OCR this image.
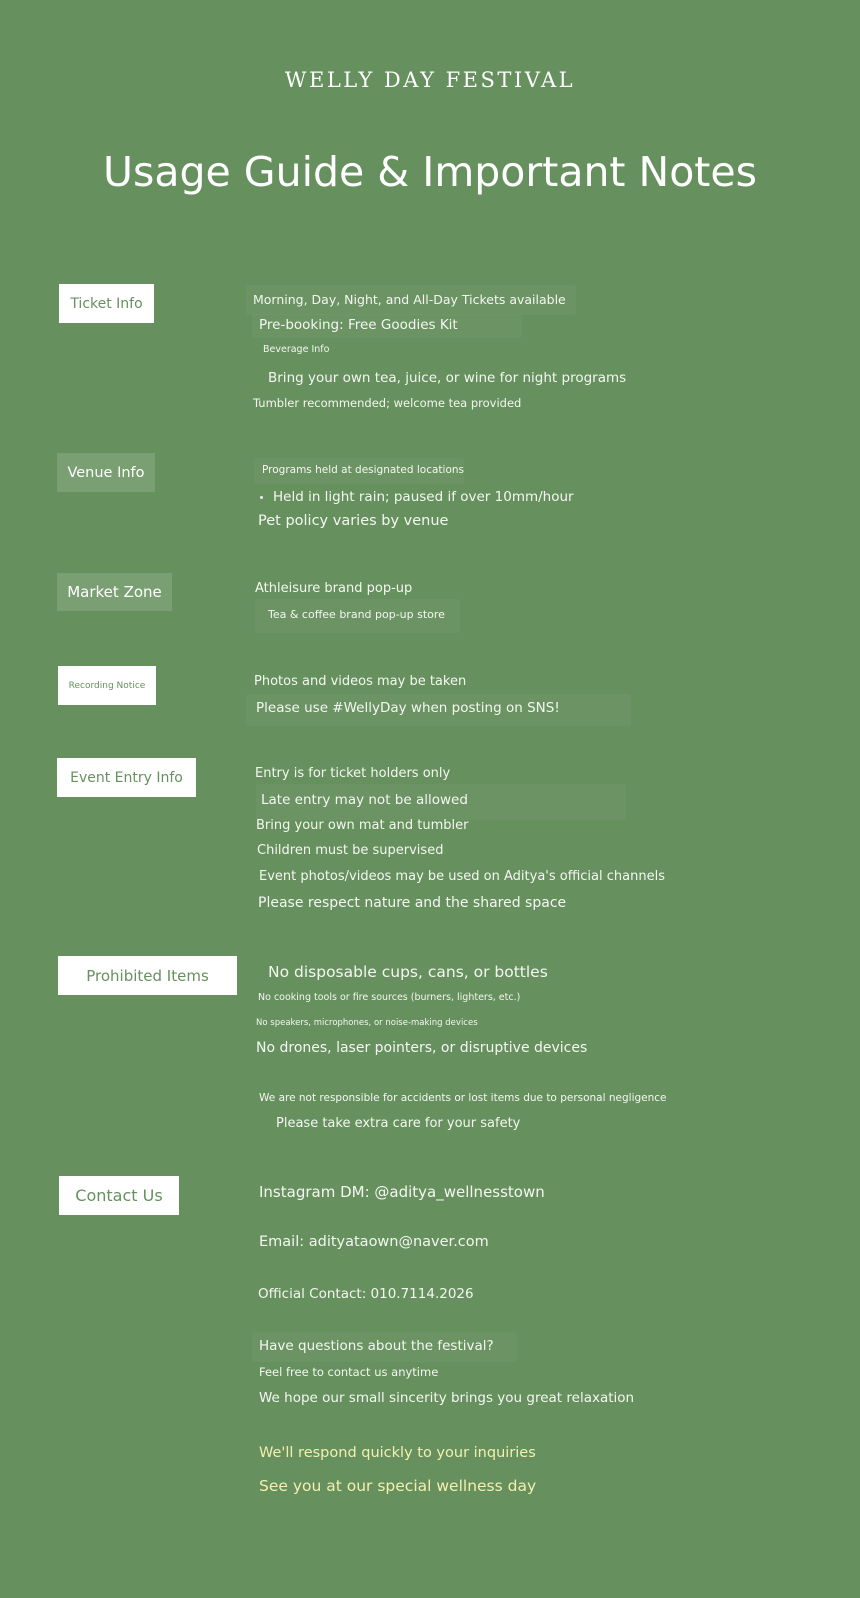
WELLY DAY FESTIVAL
Usage Guide & Important Notes
Ticket Info	Morning, Day, Night, and All-Day Tickets available
Pre-booking: Free Goodies Kit
Beverage Info
Bring your own tea, juice, or wine for night programs
Tumbler recommended; welcome tea provided
Venue Info	Programs held at designated locations
Held in light rain; paused if over 10mm/hour
Pet policy varies by venue
Market Zone	Athleisure brand pop-up
Tea & coffee brand pop-up store
Recording Notice	Photos and videos may be taken
Please use #WellyDay when posting on SNS!
Event Entry Info	Entry is for ticket holders only
Late entry may not be allowed
Bring your own mat and tumbler
Children must be supervised
Event photos/videos may be used on Aditya's official channels
Please respect nature and the shared space
Prohibited Items	No disposable cups, cans, or bottles
No cooking tools or fire sources (burners, lighters, etc.)
No speakers, microphones, or noise-making devices
No drones, laser pointers, or disruptive devices
We are not responsible for accidents or lost items due to personal negligence
Please take extra care for your safety
Contact Us	Instagram DM: @aditya_wellnesstown
Email: adityataown@naver.com
Official Contact: 010.7114.2026
Have questions about the festival?
Feel free to contact us anytime
We hope our small sincerity brings you great relaxation
We'll respond quickly to your inquiries
See you at our special wellness day
